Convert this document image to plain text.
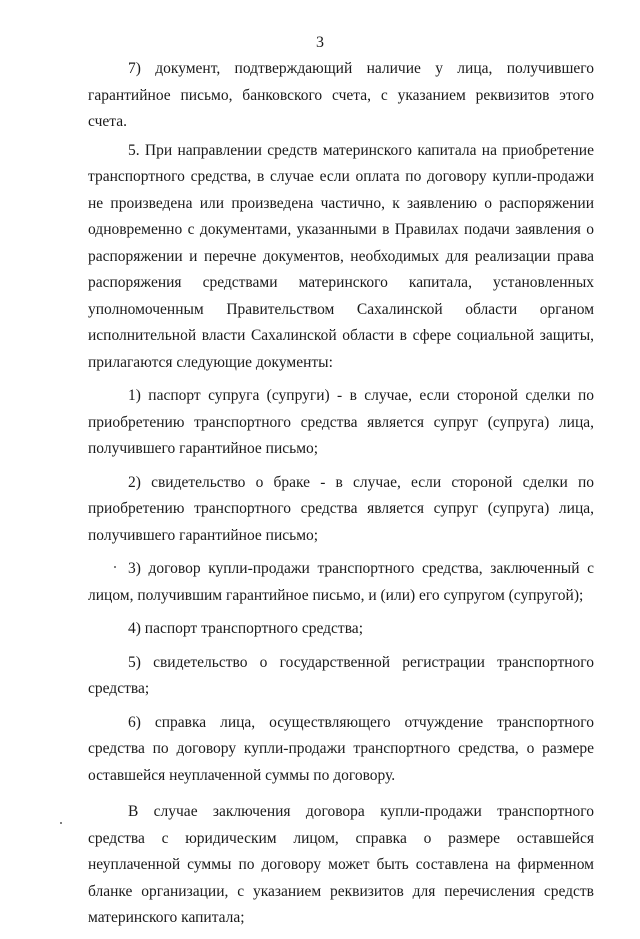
3

7) документ, подтверждающий наличие у лица, получившего гарантийное письмо, банковского счета, с указанием реквизитов этого счета.

5. При направлении средств материнского капитала на приобретение транспортного средства, в случае если оплата по договору купли-продажи не произведена или произведена частично, к заявлению о распоряжении одновременно с документами, указанными в Правилах подачи заявления о распоряжении и перечне документов, необходимых для реализации права распоряжения средствами материнского капитала, установленных уполномоченным Правительством Сахалинской области органом исполнительной власти Сахалинской области в сфере социальной защиты, прилагаются следующие документы:

1) паспорт супруга (супруги) - в случае, если стороной сделки по приобретению транспортного средства является супруг (супруга) лица, получившего гарантийное письмо;

2) свидетельство о браке - в случае, если стороной сделки по приобретению транспортного средства является супруг (супруга) лица, получившего гарантийное письмо;

3) договор купли-продажи транспортного средства, заключенный с лицом, получившим гарантийное письмо, и (или) его супругом (супругой);

4) паспорт транспортного средства;

5) свидетельство о государственной регистрации транспортного средства;

6) справка лица, осуществляющего отчуждение транспортного средства по договору купли-продажи транспортного средства, о размере оставшейся неуплаченной суммы по договору.

В случае заключения договора купли-продажи транспортного средства с юридическим лицом, справка о размере оставшейся неуплаченной суммы по договору может быть составлена на фирменном бланке организации, с указанием реквизитов для перечисления средств материнского капитала;
